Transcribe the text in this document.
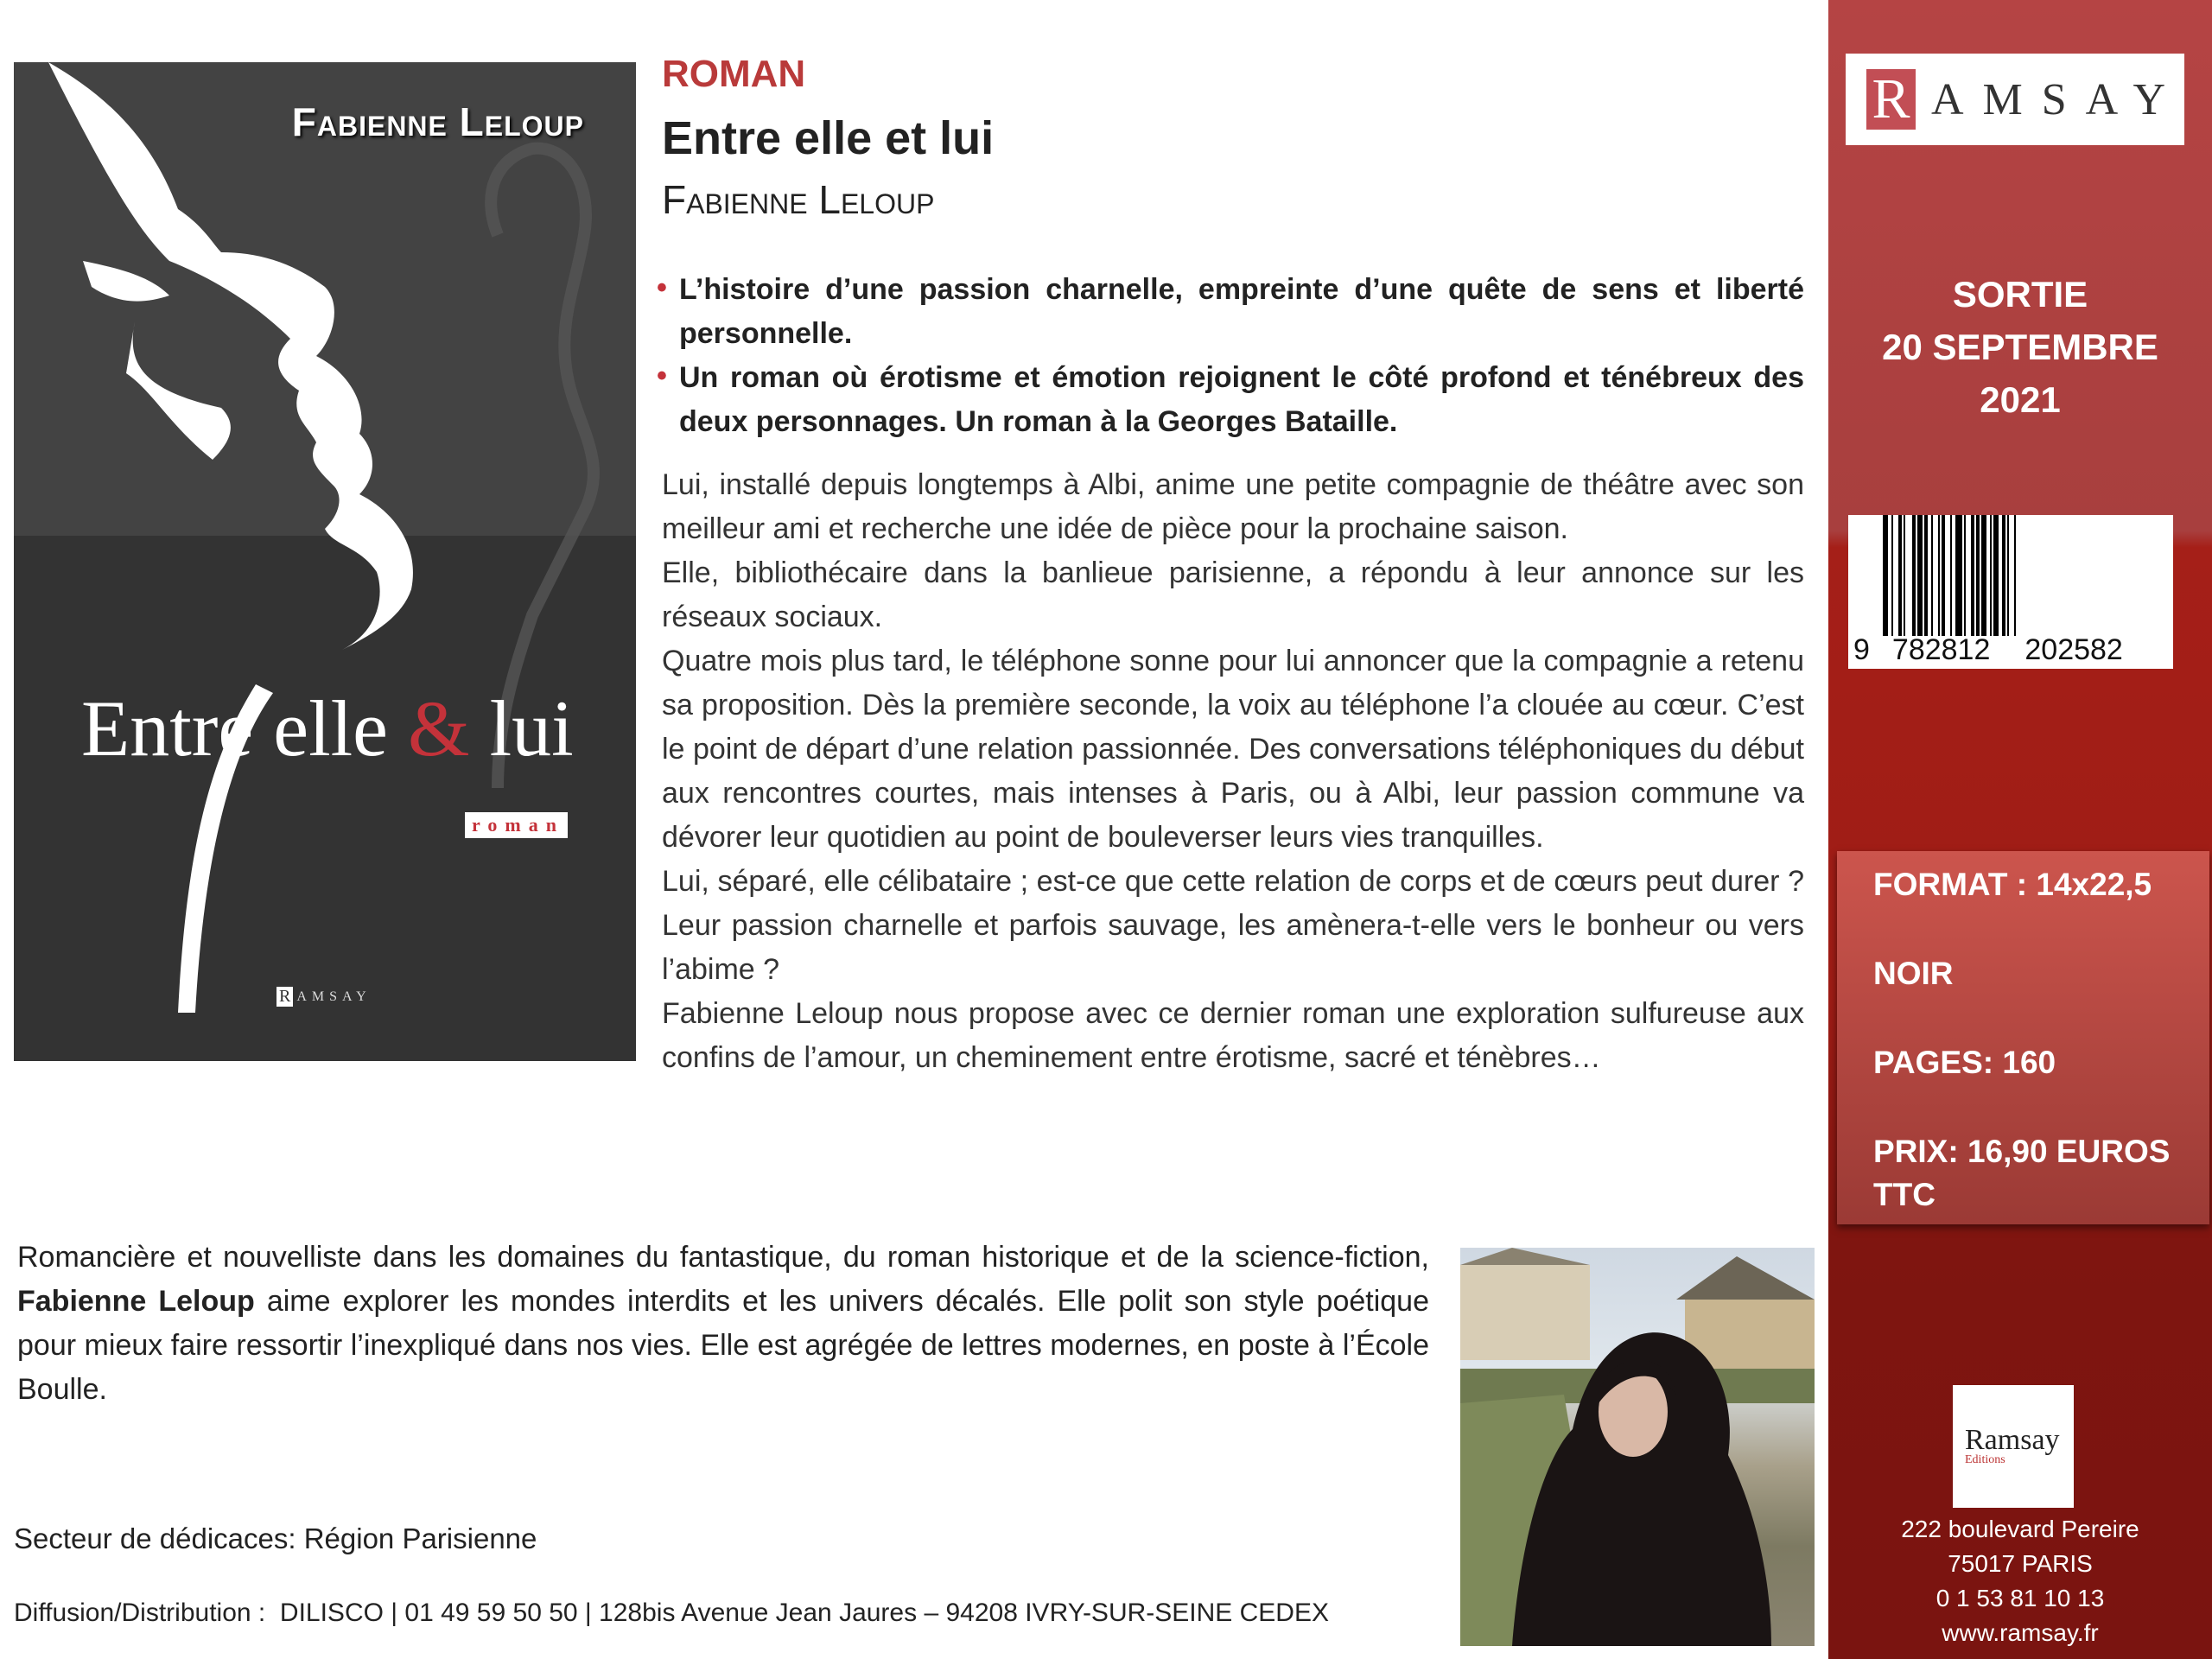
Fabienne Leloup
Entre elle & lui
roman
R AMSAY
ROMAN
Entre elle et lui
Fabienne Leloup
• L’histoire d’une passion charnelle, empreinte d’une quête de sens et liberté personnelle.
• Un roman où érotisme et émotion rejoignent le côté profond et ténébreux des deux personnages. Un roman à la Georges Bataille.

Lui, installé depuis longtemps à Albi, anime une petite compagnie de théâtre avec son meilleur ami et recherche une idée de pièce pour la prochaine saison.

Elle, bibliothécaire dans la banlieue parisienne, a répondu à leur annonce sur les réseaux sociaux.

Quatre mois plus tard, le téléphone sonne pour lui annoncer que la compagnie a retenu sa proposition. Dès la première seconde, la voix au téléphone l’a clouée au cœur. C’est le point de départ d’une relation passionnée. Des conversations téléphoniques du début aux rencontres courtes, mais intenses à Paris, ou à Albi, leur passion commune va dévorer leur quotidien au point de bouleverser leurs vies tranquilles.

Lui, séparé, elle célibataire ; est-ce que cette relation de corps et de cœurs peut durer ? Leur passion charnelle et parfois sauvage, les amènera-t-elle vers le bonheur ou vers l’abime ?

Fabienne Leloup nous propose avec ce dernier roman une exploration sulfureuse aux confins de l’amour, un cheminement entre érotisme, sacré et ténèbres…

Romancière et nouvelliste dans les domaines du fantastique, du roman historique et de la science-fiction, Fabienne Leloup aime explorer les mondes interdits et les univers décalés. Elle polit son style poétique pour mieux faire ressortir l’inexpliqué dans nos vies. Elle est agrégée de lettres modernes, en poste à l’École Boulle.
Secteur de dédicaces: Région Parisienne
Diffusion/Distribution :  DILISCO | 01 49 59 50 50 | 128bis Avenue Jean Jaures – 94208 IVRY-SUR-SEINE CEDEX
R AMSAY
SORTIE
20 SEPTEMBRE
2021
9 782812 202582
FORMAT : 14x22,5
NOIR
PAGES: 160
PRIX: 16,90 EUROS TTC
Ramsay
Editions
222 boulevard Pereire
75017 PARIS
0 1 53 81 10 13
www.ramsay.fr
